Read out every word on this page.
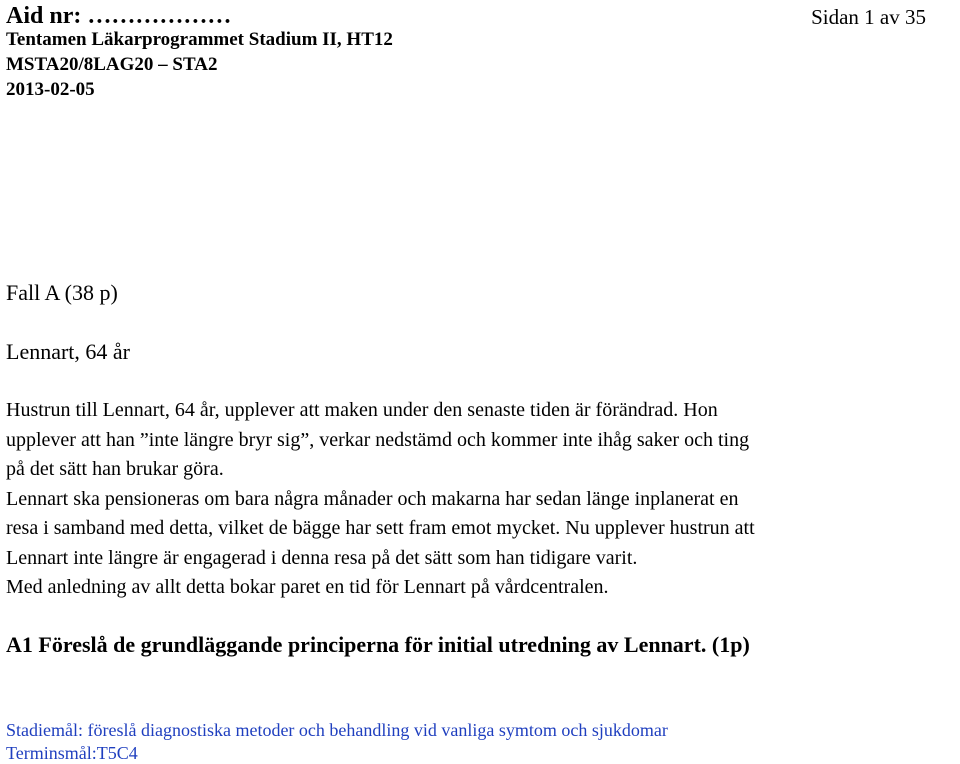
Aid nr: ………………	Sidan 1 av 35
Tentamen Läkarprogrammet Stadium II, HT12
MSTA20/8LAG20 – STA2
2013-02-05
Fall A (38 p)
Lennart, 64 år
Hustrun till Lennart, 64 år, upplever att maken under den senaste tiden är förändrad. Hon
upplever att han ”inte längre bryr sig”, verkar nedstämd och kommer inte ihåg saker och ting
på det sätt han brukar göra.
Lennart ska pensioneras om bara några månader och makarna har sedan länge inplanerat en
resa i samband med detta, vilket de bägge har sett fram emot mycket. Nu upplever hustrun att
Lennart inte längre är engagerad i denna resa på det sätt som han tidigare varit.
Med anledning av allt detta bokar paret en tid för Lennart på vårdcentralen.
A1 Föreslå de grundläggande principerna för initial utredning av Lennart. (1p)
Stadiemål: föreslå diagnostiska metoder och behandling vid vanliga symtom och sjukdomar
Terminsmål:T5C4
